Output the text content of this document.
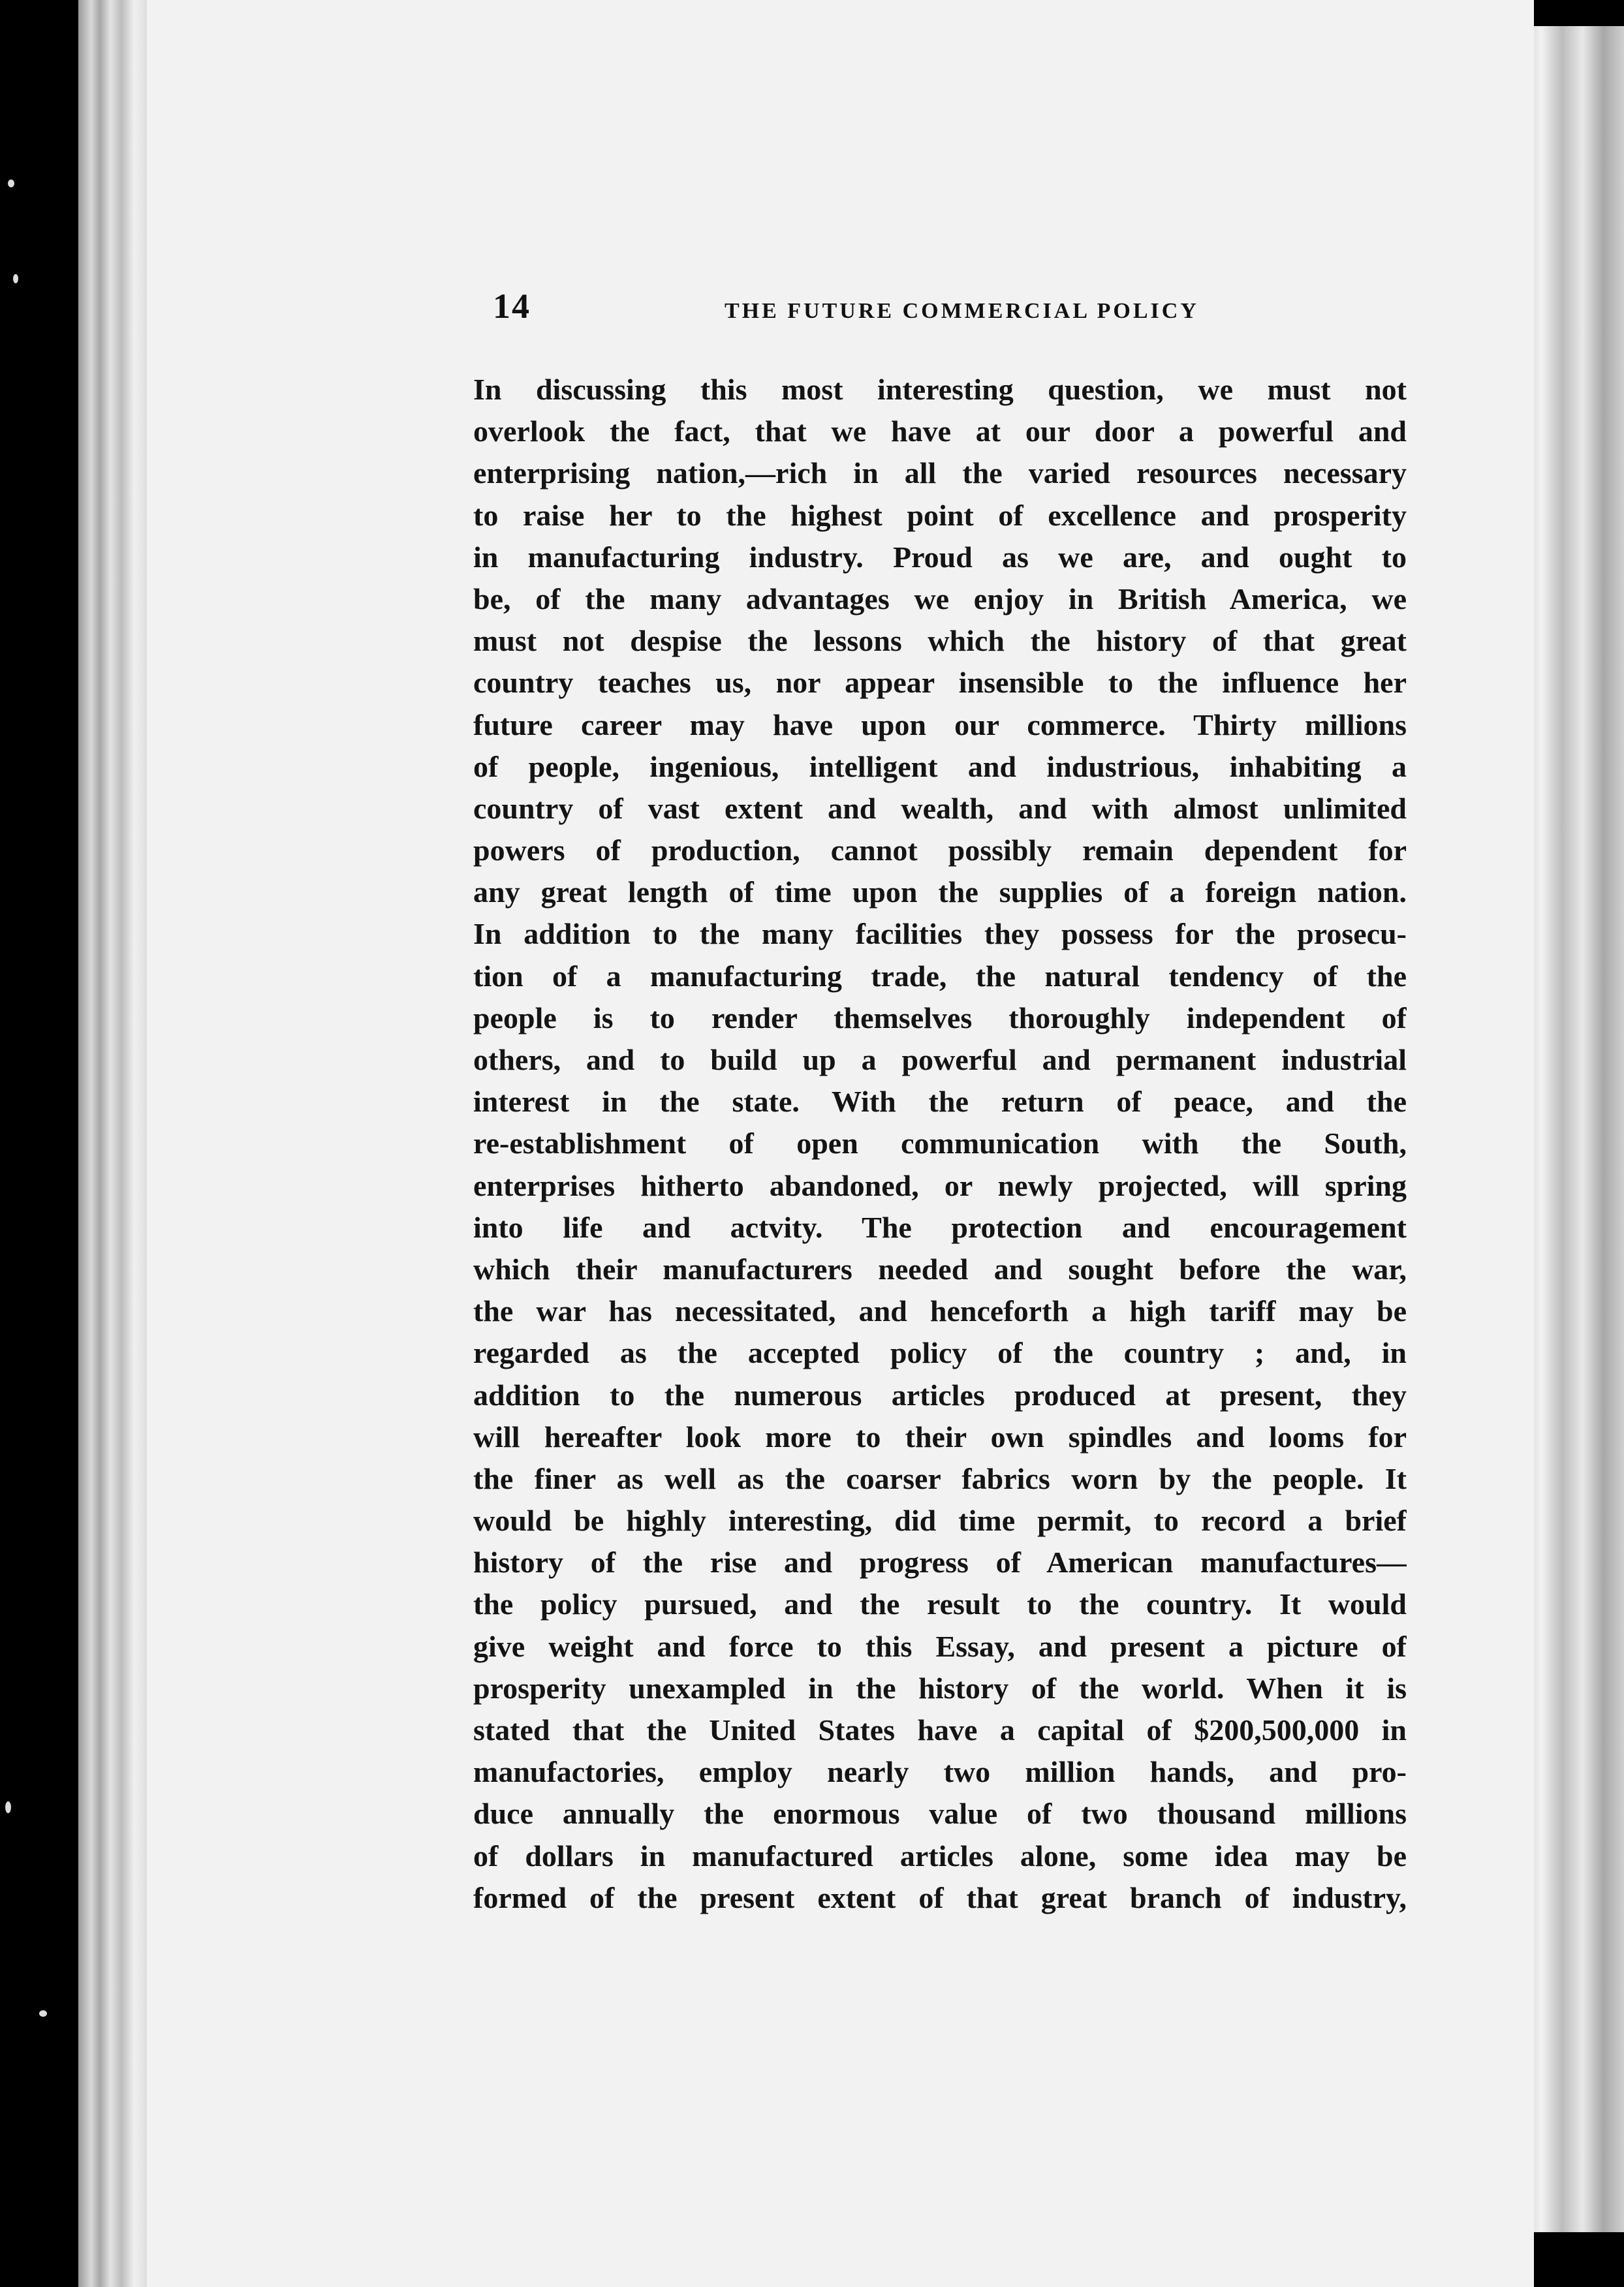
14	THE FUTURE COMMERCIAL POLICY
In discussing this most interesting question, we must not
overlook the fact, that we have at our door a powerful and
enterprising nation,—rich in all the varied resources necessary
to raise her to the highest point of excellence and prosperity
in manufacturing industry. Proud as we are, and ought to
be, of the many advantages we enjoy in British America, we
must not despise the lessons which the history of that great
country teaches us, nor appear insensible to the influence her
future career may have upon our commerce. Thirty millions
of people, ingenious, intelligent and industrious, inhabiting a
country of vast extent and wealth, and with almost unlimited
powers of production, cannot possibly remain dependent for
any great length of time upon the supplies of a foreign nation.
In addition to the many facilities they possess for the prosecu-
tion of a manufacturing trade, the natural tendency of the
people is to render themselves thoroughly independent of
others, and to build up a powerful and permanent industrial
interest in the state. With the return of peace, and the
re-establishment of open communication with the South,
enterprises hitherto abandoned, or newly projected, will spring
into life and actvity. The protection and encouragement
which their manufacturers needed and sought before the war,
the war has necessitated, and henceforth a high tariff may be
regarded as the accepted policy of the country ; and, in
addition to the numerous articles produced at present, they
will hereafter look more to their own spindles and looms for
the finer as well as the coarser fabrics worn by the people. It
would be highly interesting, did time permit, to record a brief
history of the rise and progress of American manufactures—
the policy pursued, and the result to the country. It would
give weight and force to this Essay, and present a picture of
prosperity unexampled in the history of the world. When it is
stated that the United States have a capital of $200,500,000 in
manufactories, employ nearly two million hands, and pro-
duce annually the enormous value of two thousand millions
of dollars in manufactured articles alone, some idea may be
formed of the present extent of that great branch of industry,
